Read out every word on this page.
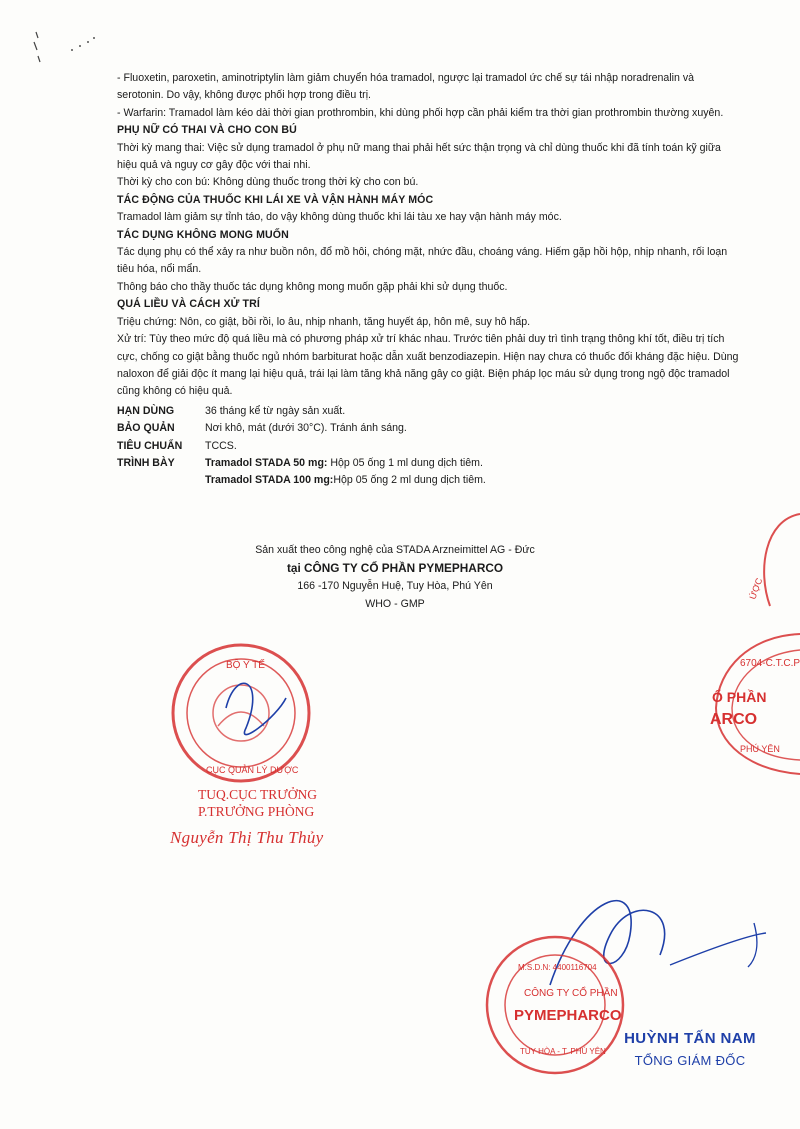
- Fluoxetin, paroxetin, aminotriptylin làm giảm chuyển hóa tramadol, ngược lại tramadol ức chế sự tái nhập noradrenalin và serotonin. Do vậy, không được phối hợp trong điều trị.

- Warfarin: Tramadol làm kéo dài thời gian prothrombin, khi dùng phối hợp cần phải kiểm tra thời gian prothrombin thường xuyên.

PHỤ NỮ CÓ THAI VÀ CHO CON BÚ

Thời kỳ mang thai: Việc sử dụng tramadol ở phụ nữ mang thai phải hết sức thận trọng và chỉ dùng thuốc khi đã tính toán kỹ giữa hiệu quả và nguy cơ gây độc với thai nhi.

Thời kỳ cho con bú: Không dùng thuốc trong thời kỳ cho con bú.

TÁC ĐỘNG CỦA THUỐC KHI LÁI XE VÀ VẬN HÀNH MÁY MÓC

Tramadol làm giảm sự tỉnh táo, do vậy không dùng thuốc khi lái tàu xe hay vận hành máy móc.

TÁC DỤNG KHÔNG MONG MUỐN

Tác dụng phụ có thể xảy ra như buồn nôn, đổ mồ hôi, chóng mặt, nhức đầu, choáng váng. Hiếm gặp hồi hộp, nhịp nhanh, rối loạn tiêu hóa, nổi mẩn.

Thông báo cho thầy thuốc tác dụng không mong muốn gặp phải khi sử dụng thuốc.

QUÁ LIỀU VÀ CÁCH XỬ TRÍ

Triệu chứng: Nôn, co giật, bồi rồi, lo âu, nhịp nhanh, tăng huyết áp, hôn mê, suy hô hấp.

Xử trí: Tùy theo mức độ quá liều mà có phương pháp xử trí khác nhau. Trước tiên phải duy trì tình trạng thông khí tốt, điều trị tích cực, chống co giật bằng thuốc ngủ nhóm barbiturat hoặc dẫn xuất benzodiazepin. Hiện nay chưa có thuốc đối kháng đặc hiệu. Dùng naloxon để giải độc ít mang lại hiệu quả, trái lại làm tăng khả năng gây co giật. Biện pháp lọc máu sử dụng trong ngộ độc tramadol cũng không có hiệu quả.

HẠN DÙNG	36 tháng kể từ ngày sản xuất.
BẢO QUẢN	Nơi khô, mát (dưới 30°C). Tránh ánh sáng.
TIÊU CHUẨN	TCCS.
TRÌNH BÀY	Tramadol STADA 50 mg: Hộp 05 ống 1 ml dung dịch tiêm.
Tramadol STADA 100 mg:Hộp 05 ống 2 ml dung dịch tiêm.
Sản xuất theo công nghệ của STADA Arzneimittel AG - Đức
tại CÔNG TY CỔ PHẦN PYMEPHARCO
166 -170 Nguyễn Huệ, Tuy Hòa, Phú Yên
WHO - GMP
ỨỢC
6704-C.T.C.P
Ổ PHẦN
ARCO
PHÚ YÊN
BỘ Y TẾ
CỤC QUẢN LÝ DƯỢC
TUQ.CỤC TRƯỞNG
P.TRƯỞNG PHÒNG
Nguyễn Thị Thu Thủy
M.S.D.N: 4400116704
CÔNG TY CỔ PHẦN
PYMEPHARCO
TUY HÒA - T. PHÚ YÊN
HUỲNH TẤN NAM
TỔNG GIÁM ĐỐC
